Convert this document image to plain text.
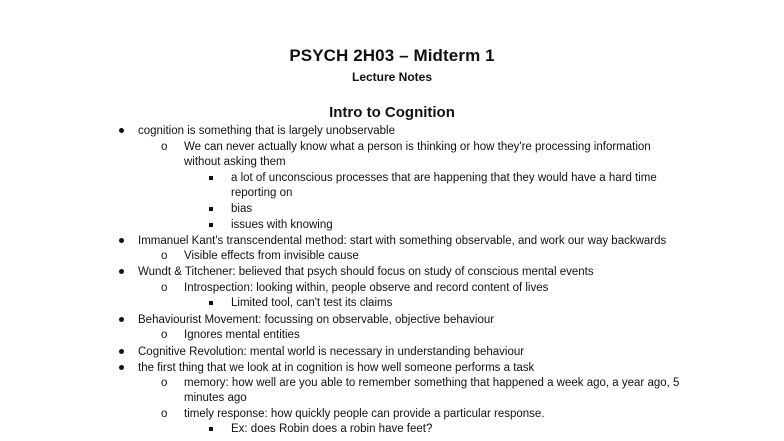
PSYCH 2H03 – Midterm 1
Lecture Notes
Intro to Cognition
cognition is something that is largely unobservable
o We can never actually know what a person is thinking or how they're processing information
without asking them
a lot of unconscious processes that are happening that they would have a hard time
reporting on
bias
issues with knowing
Immanuel Kant's transcendental method: start with something observable, and work our way backwards
o Visible effects from invisible cause
Wundt & Titchener: believed that psych should focus on study of conscious mental events
o Introspection: looking within, people observe and record content of lives
Limited tool, can't test its claims
Behaviourist Movement: focussing on observable, objective behaviour
o Ignores mental entities
Cognitive Revolution: mental world is necessary in understanding behaviour
the first thing that we look at in cognition is how well someone performs a task
o memory: how well are you able to remember something that happened a week ago, a year ago, 5
minutes ago
o timely response: how quickly people can provide a particular response.
Ex: does Robin does a robin have feet?
